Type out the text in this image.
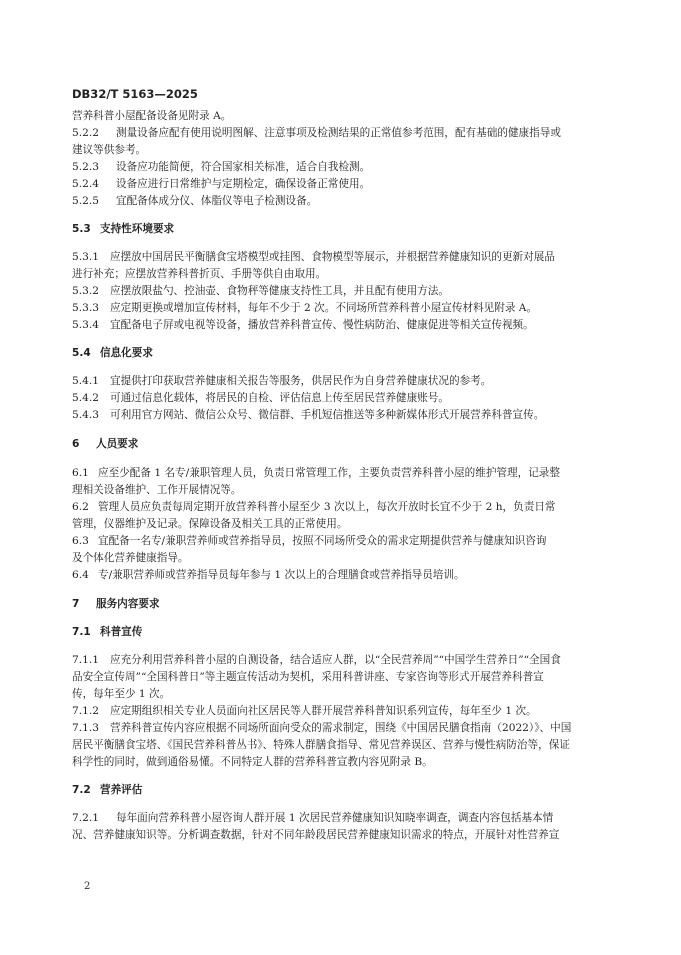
DB32/T 5163—2025
营养科普小屋配备设备见附录 A。
5.2.2 测量设备应配有使用说明图解、注意事项及检测结果的正常值参考范围，配有基础的健康指导或
建议等供参考。
5.2.3 设备应功能简便，符合国家相关标准，适合自我检测。
5.2.4 设备应进行日常维护与定期检定，确保设备正常使用。
5.2.5 宜配备体成分仪、体脂仪等电子检测设备。
5.3 支持性环境要求
5.3.1 应摆放中国居民平衡膳食宝塔模型或挂图、食物模型等展示，并根据营养健康知识的更新对展品
进行补充；应摆放营养科普折页、手册等供自由取用。
5.3.2 应摆放限盐勺、控油壶、食物秤等健康支持性工具，并且配有使用方法。
5.3.3 应定期更换或增加宣传材料，每年不少于 2 次。不同场所营养科普小屋宣传材料见附录 A。
5.3.4 宜配备电子屏或电视等设备，播放营养科普宣传、慢性病防治、健康促进等相关宣传视频。
5.4 信息化要求
5.4.1 宜提供打印获取营养健康相关报告等服务，供居民作为自身营养健康状况的参考。
5.4.2 可通过信息化载体，将居民的自检、评估信息上传至居民营养健康账号。
5.4.3 可利用官方网站、微信公众号、微信群、手机短信推送等多种新媒体形式开展营养科普宣传。
6 人员要求
6.1 应至少配备 1 名专/兼职管理人员，负责日常管理工作，主要负责营养科普小屋的维护管理，记录整
理相关设备维护、工作开展情况等。
6.2 管理人员应负责每周定期开放营养科普小屋至少 3 次以上，每次开放时长宜不少于 2 h，负责日常
管理，仪器维护及记录。保障设备及相关工具的正常使用。
6.3 宜配备一名专/兼职营养师或营养指导员，按照不同场所受众的需求定期提供营养与健康知识咨询
及个体化营养健康指导。
6.4 专/兼职营养师或营养指导员每年参与 1 次以上的合理膳食或营养指导员培训。
7 服务内容要求
7.1 科普宣传
7.1.1 应充分利用营养科普小屋的自测设备，结合适应人群，以“全民营养周”“中国学生营养日”“全国食
品安全宣传周”“全国科普日”等主题宣传活动为契机，采用科普讲座、专家咨询等形式开展营养科普宣
传，每年至少 1 次。
7.1.2 应定期组织相关专业人员面向社区居民等人群开展营养科普知识系列宣传，每年至少 1 次。
7.1.3 营养科普宣传内容应根据不同场所面向受众的需求制定，围绕《中国居民膳食指南（2022）》、中国
居民平衡膳食宝塔、《国民营养科普丛书》、特殊人群膳食指导、常见营养误区、营养与慢性病防治等，保证
科学性的同时，做到通俗易懂。不同特定人群的营养科普宣教内容见附录 B。
7.2 营养评估
7.2.1 每年面向营养科普小屋咨询人群开展 1 次居民营养健康知识知晓率调查，调查内容包括基本情
况、营养健康知识等。分析调查数据，针对不同年龄段居民营养健康知识需求的特点，开展针对性营养宣
2
